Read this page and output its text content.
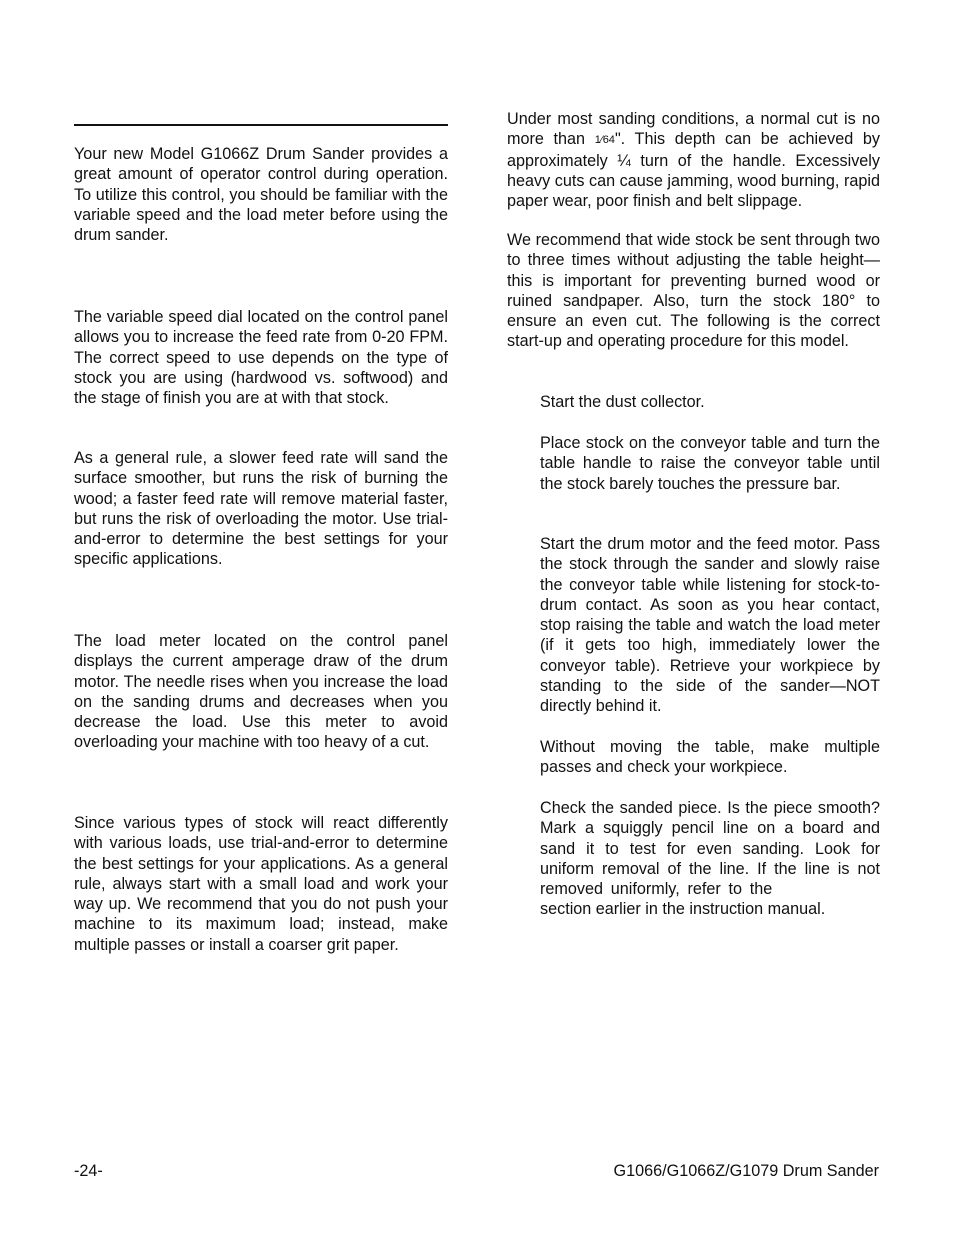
Your new Model G1066Z Drum Sander provides a great amount of operator control during operation. To utilize this control, you should be familiar with the variable speed and the load meter before using the drum sander.
The variable speed dial located on the control panel allows you to increase the feed rate from 0-20 FPM. The correct speed to use depends on the type of stock you are using (hardwood vs. softwood) and the stage of finish you are at with that stock.
As a general rule, a slower feed rate will sand the surface smoother, but runs the risk of burning the wood; a faster feed rate will remove material faster, but runs the risk of overloading the motor. Use trial-and-error to determine the best settings for your specific applications.
The load meter located on the control panel displays the current amperage draw of the drum motor. The needle rises when you increase the load on the sanding drums and decreases when you decrease the load. Use this meter to avoid overloading your machine with too heavy of a cut.
Since various types of stock will react differently with various loads, use trial-and-error to determine the best settings for your applications. As a general rule, always start with a small load and work your way up. We recommend that you do not push your machine to its maximum load; instead, make multiple passes or install a coarser grit paper.
Under most sanding conditions, a normal cut is no more than 1⁄64". This depth can be achieved by approximately ¼ turn of the handle. Excessively heavy cuts can cause jamming, wood burning, rapid paper wear, poor finish and belt slippage.
We recommend that wide stock be sent through two to three times without adjusting the table height—this is important for preventing burned wood or ruined sandpaper. Also, turn the stock 180° to ensure an even cut. The following is the correct start-up and operating procedure for this model.
Start the dust collector.
Place stock on the conveyor table and turn the table handle to raise the conveyor table until the stock barely touches the pressure bar.
Start the drum motor and the feed motor. Pass the stock through the sander and slowly raise the conveyor table while listening for stock-to-drum contact. As soon as you hear contact, stop raising the table and watch the load meter (if it gets too high, immediately lower the conveyor table). Retrieve your workpiece by standing to the side of the sander—NOT directly behind it.
Without moving the table, make multiple passes and check your workpiece.
Check the sanded piece. Is the piece smooth? Mark a squiggly pencil line on a board and sand it to test for even sanding. Look for uniform removal of the line. If the line is not removed uniformly, refer to the section earlier in the instruction manual.
-24-	G1066/G1066Z/G1079 Drum Sander
